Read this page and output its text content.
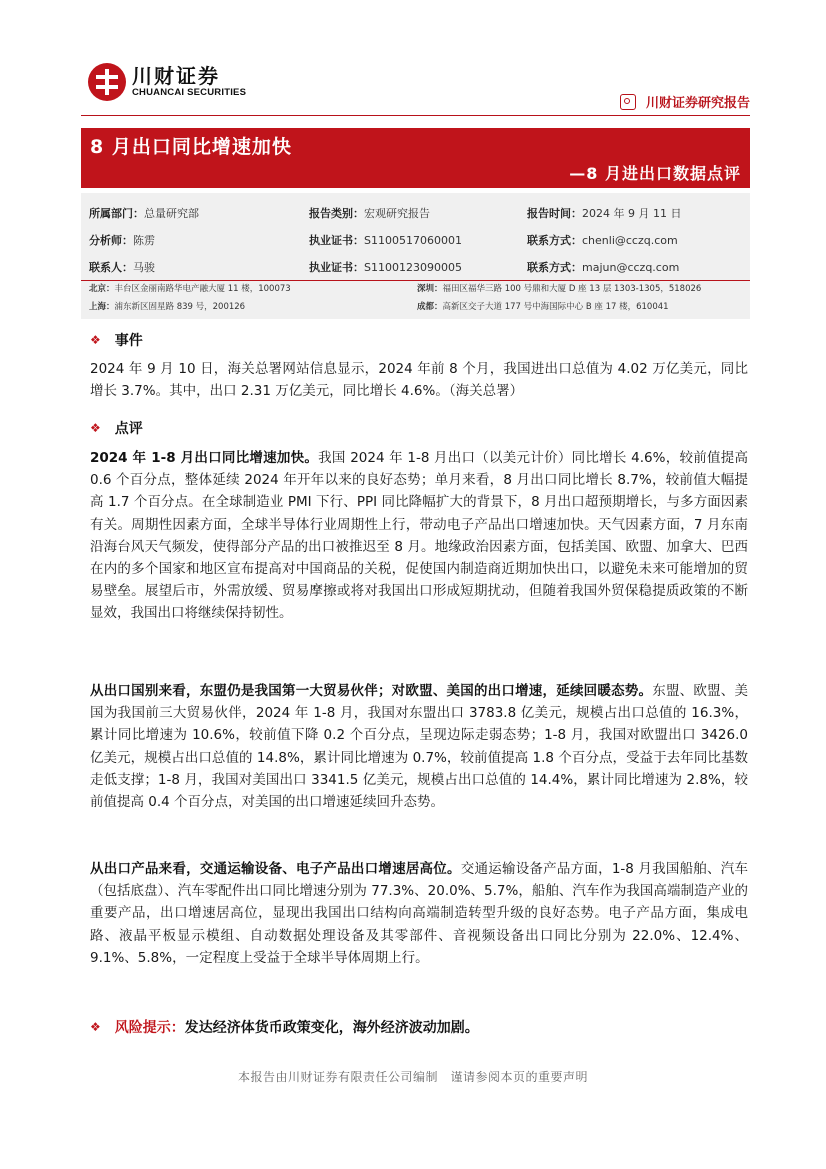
川财证券
CHUANCAI SECURITIES
川财证券研究报告
8 月出口同比增速加快
—8 月进出口数据点评
所属部门：总量研究部	报告类别：宏观研究报告	报告时间：2024 年 9 月 11 日
分析师：陈雳	执业证书：S1100517060001	联系方式：chenli@cczq.com
联系人：马骏	执业证书：S1100123090005	联系方式：majun@cczq.com
北京：丰台区金丽南路华电产融大厦 11 楼，100073	深圳：福田区福华三路 100 号鼎和大厦 D 座 13 层 1303-1305，518026
上海：浦东新区固星路 839 号，200126	成都：高新区交子大道 177 号中海国际中心 B 座 17 楼，610041
❖ 事件

2024 年 9 月 10 日，海关总署网站信息显示，2024 年前 8 个月，我国进出口总值为 4.02 万亿美元，同比增长 3.7%。其中，出口 2.31 万亿美元，同比增长 4.6%。（海关总署）

❖ 点评

2024 年 1-8 月出口同比增速加快。我国 2024 年 1-8 月出口（以美元计价）同比增长 4.6%，较前值提高 0.6 个百分点，整体延续 2024 年开年以来的良好态势；单月来看，8 月出口同比增长 8.7%，较前值大幅提高 1.7 个百分点。在全球制造业 PMI 下行、PPI 同比降幅扩大的背景下，8 月出口超预期增长，与多方面因素有关。周期性因素方面，全球半导体行业周期性上行，带动电子产品出口增速加快。天气因素方面，7 月东南沿海台风天气频发，使得部分产品的出口被推迟至 8 月。地缘政治因素方面，包括美国、欧盟、加拿大、巴西在内的多个国家和地区宣布提高对中国商品的关税，促使国内制造商近期加快出口，以避免未来可能增加的贸易壁垒。展望后市，外需放缓、贸易摩擦或将对我国出口形成短期扰动，但随着我国外贸保稳提质政策的不断显效，我国出口将继续保持韧性。

从出口国别来看，东盟仍是我国第一大贸易伙伴；对欧盟、美国的出口增速，延续回暖态势。东盟、欧盟、美国为我国前三大贸易伙伴，2024 年 1-8 月，我国对东盟出口 3783.8 亿美元，规模占出口总值的 16.3%，累计同比增速为 10.6%，较前值下降 0.2 个百分点，呈现边际走弱态势；1-8 月，我国对欧盟出口 3426.0 亿美元，规模占出口总值的 14.8%，累计同比增速为 0.7%，较前值提高 1.8 个百分点，受益于去年同比基数走低支撑；1-8 月，我国对美国出口 3341.5 亿美元，规模占出口总值的 14.4%，累计同比增速为 2.8%，较前值提高 0.4 个百分点，对美国的出口增速延续回升态势。

从出口产品来看，交通运输设备、电子产品出口增速居高位。交通运输设备产品方面，1-8 月我国船舶、汽车（包括底盘）、汽车零配件出口同比增速分别为 77.3%、20.0%、5.7%，船舶、汽车作为我国高端制造产业的重要产品，出口增速居高位，显现出我国出口结构向高端制造转型升级的良好态势。电子产品方面，集成电路、液晶平板显示模组、自动数据处理设备及其零部件、音视频设备出口同比分别为 22.0%、12.4%、9.1%、5.8%，一定程度上受益于全球半导体周期上行。

❖ 风险提示： 发达经济体货币政策变化，海外经济波动加剧。
本报告由川财证券有限责任公司编制　谨请参阅本页的重要声明
